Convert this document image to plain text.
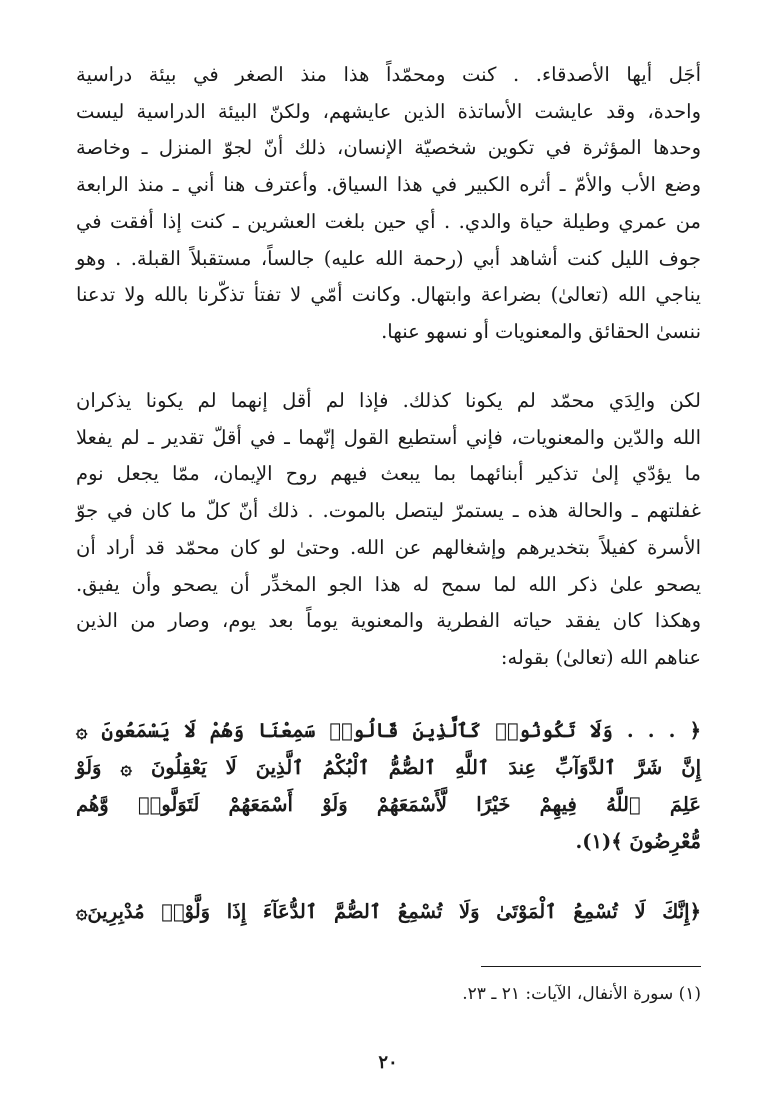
أجَل أيها الأصدقاء. . كنت ومحمّداً هذا منذ الصغر في بيئة دراسية
واحدة، وقد عايشت الأساتذة الذين عايشهم، ولكنّ البيئة الدراسية ليست
وحدها المؤثرة في تكوين شخصيّة الإنسان، ذلك أنّ لجوّ المنزل ـ وخاصة
وضع الأب والأمّ ـ أثره الكبير في هذا السياق. وأعترف هنا أني ـ منذ الرابعة
من عمري وطيلة حياة والدي. . أي حين بلغت العشرين ـ كنت إذا أفقت في
جوف الليل كنت أشاهد أبي (رحمة الله عليه) جالساً، مستقبلاً القبلة. . وهو
يناجي الله (تعالىٰ) بضراعة وابتهال. وكانت أمّي لا تفتأ تذكّرنا بالله ولا تدعنا
ننسىٰ الحقائق والمعنويات أو نسهو عنها.
لكن والِدَي محمّد لم يكونا كذلك. فإذا لم أقل إنهما لم يكونا يذكران
الله والدّين والمعنويات، فإني أستطيع القول إنّهما ـ في أقلّ تقدير ـ لم يفعلا
ما يؤدّي إلىٰ تذكير أبنائهما بما يبعث فيهم روح الإيمان، ممّا يجعل نوم
غفلتهم ـ والحالة هذه ـ يستمرّ ليتصل بالموت. . ذلك أنّ كلّ ما كان في جوّ
الأسرة كفيلاً بتخديرهم وإشغالهم عن الله. وحتىٰ لو كان محمّد قد أراد أن
يصحو علىٰ ذكر الله لما سمح له هذا الجو المخدِّر أن يصحو وأن يفيق.
وهكذا كان يفقد حياته الفطرية والمعنوية يوماً بعد يوم، وصار من الذين
عناهم الله (تعالىٰ) بقوله:
﴿ . . . وَلَا تَكُونُوا۟ كَٱلَّذِينَ قَالُوا۟ سَمِعْنَا وَهُمْ لَا يَسْمَعُونَ ۞
إِنَّ شَرَّ ٱلدَّوَآبِّ عِندَ ٱللَّهِ ٱلصُّمُّ ٱلْبُكْمُ ٱلَّذِينَ لَا يَعْقِلُونَ ۞ وَلَوْ
عَلِمَ ٱللَّهُ فِيهِمْ خَيْرًا لَّأَسْمَعَهُمْ وَلَوْ أَسْمَعَهُمْ لَتَوَلَّوا۟ وَّهُم
مُّعْرِضُونَ ﴾(١).
﴿إِنَّكَ لَا تُسْمِعُ ٱلْمَوْتَىٰ وَلَا تُسْمِعُ ٱلصُّمَّ ٱلدُّعَآءَ إِذَا وَلَّوْا۟ مُدْبِرِينَ۞
(١) سورة الأنفال، الآيات: ٢١ ـ ٢٣.
٢٠
